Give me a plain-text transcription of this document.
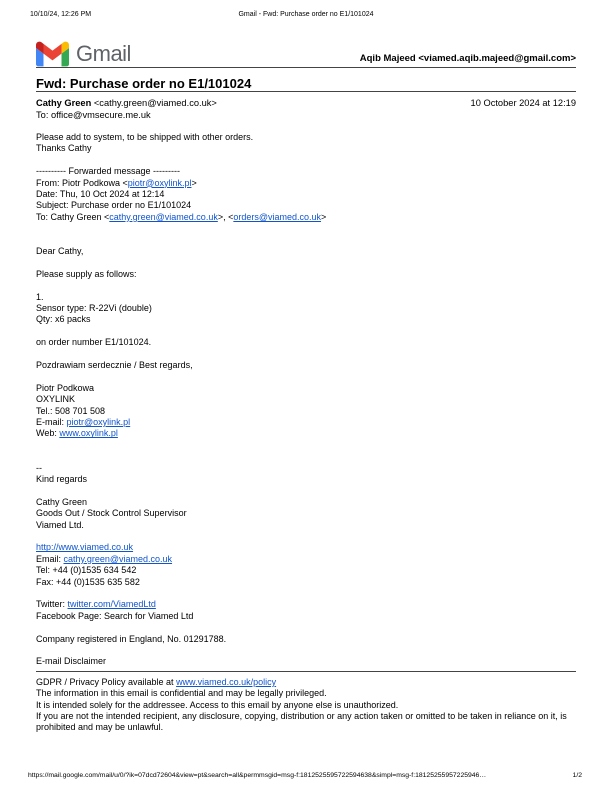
10/10/24, 12:26 PM	Gmail - Fwd: Purchase order no E1/101024
Gmail	Aqib Majeed <viamed.aqib.majeed@gmail.com>
Fwd: Purchase order no E1/101024
Cathy Green <cathy.green@viamed.co.uk>	10 October 2024 at 12:19
To: office@vmsecure.me.uk
Please add to system, to be shipped with other orders.
Thanks Cathy
---------- Forwarded message ---------
From: Piotr Podkowa <piotr@oxylink.pl>
Date: Thu, 10 Oct 2024 at 12:14
Subject: Purchase order no E1/101024
To: Cathy Green <cathy.green@viamed.co.uk>, <orders@viamed.co.uk>
Dear Cathy,
Please supply as follows:
1.
Sensor type: R-22Vi (double)
Qty: x6 packs
on order number E1/101024.
Pozdrawiam serdecznie / Best regards,
Piotr Podkowa
OXYLINK
Tel.: 508 701 508
E-mail: piotr@oxylink.pl
Web: www.oxylink.pl
--
Kind regards
Cathy Green
Goods Out / Stock Control Supervisor
Viamed Ltd.
http://www.viamed.co.uk
Email: cathy.green@viamed.co.uk
Tel: +44 (0)1535 634 542
Fax: +44 (0)1535 635 582
Twitter: twitter.com/ViamedLtd
Facebook Page: Search for Viamed Ltd
Company registered in England, No. 01291788.
E-mail Disclaimer
GDPR / Privacy Policy available at www.viamed.co.uk/policy
The information in this email is confidential and may be legally privileged.
It is intended solely for the addressee. Access to this email by anyone else is unauthorized.
If you are not the intended recipient, any disclosure, copying, distribution or any action taken or omitted to be taken in reliance on it, is prohibited and may be unlawful.
https://mail.google.com/mail/u/0/?ik=07dcd72604&view=pt&search=all&permmsgid=msg-f:1812525595722594638&simpl=msg-f:18125255957225946…	1/2
